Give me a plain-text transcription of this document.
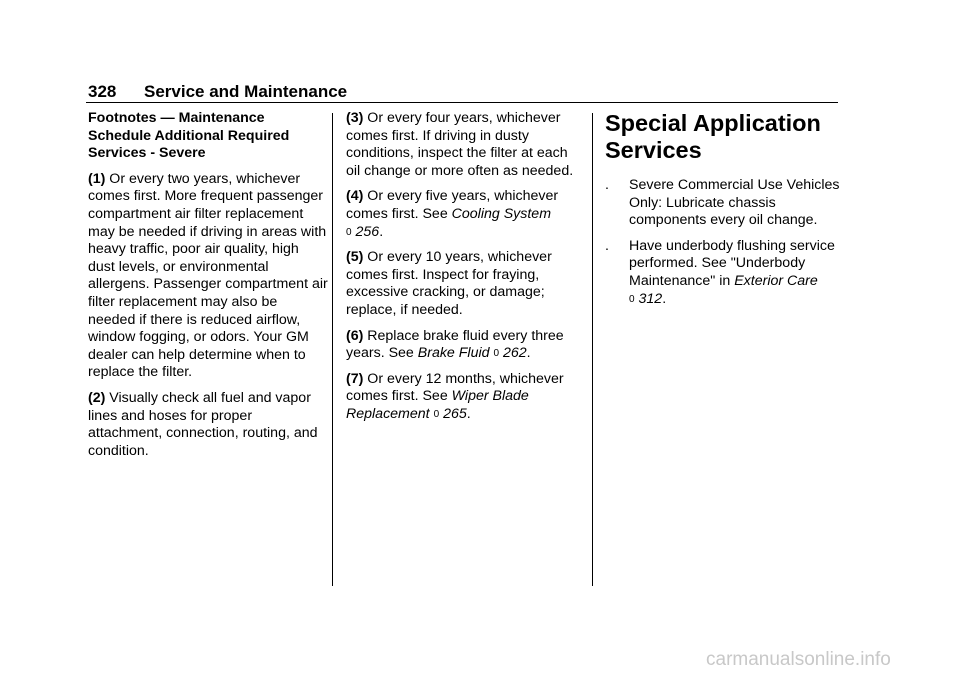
328 Service and Maintenance
Footnotes — Maintenance Schedule Additional Required Services - Severe

(1) Or every two years, whichever comes first. More frequent passenger compartment air filter replacement may be needed if driving in areas with heavy traffic, poor air quality, high dust levels, or environmental allergens. Passenger compartment air filter replacement may also be needed if there is reduced airflow, window fogging, or odors. Your GM dealer can help determine when to replace the filter.

(2) Visually check all fuel and vapor lines and hoses for proper attachment, connection, routing, and condition.

(3) Or every four years, whichever comes first. If driving in dusty conditions, inspect the filter at each oil change or more often as needed.

(4) Or every five years, whichever comes first. See Cooling System
0 256.

(5) Or every 10 years, whichever comes first. Inspect for fraying, excessive cracking, or damage; replace, if needed.

(6) Replace brake fluid every three years. See Brake Fluid 0 262.

(7) Or every 12 months, whichever comes first. See Wiper Blade Replacement 0 265.

Special Application Services
. Severe Commercial Use Vehicles Only: Lubricate chassis components every oil change.
. Have underbody flushing service performed. See "Underbody Maintenance" in Exterior Care
0 312.
carmanualsonline.info
